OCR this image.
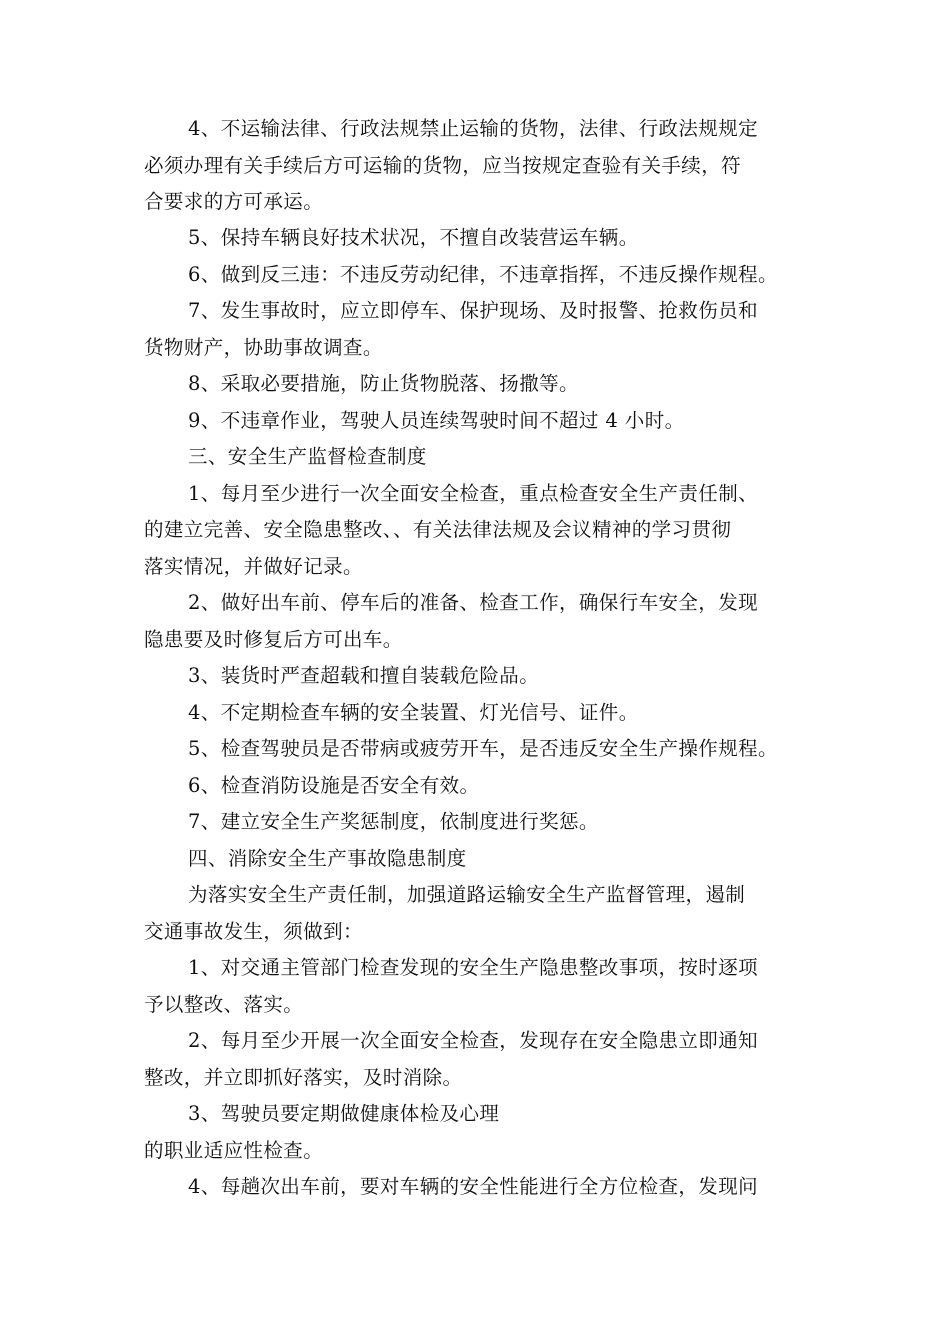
4、不运输法律、行政法规禁止运输的货物，法律、行政法规规定
必须办理有关手续后方可运输的货物，应当按规定查验有关手续，符
合要求的方可承运。
5、保持车辆良好技术状况，不擅自改装营运车辆。
6、做到反三违：不违反劳动纪律，不违章指挥，不违反操作规程。
7、发生事故时，应立即停车、保护现场、及时报警、抢救伤员和
货物财产，协助事故调查。
8、采取必要措施，防止货物脱落、扬撒等。
9、不违章作业，驾驶人员连续驾驶时间不超过 4 小时。
三、安全生产监督检查制度
1、每月至少进行一次全面安全检查，重点检查安全生产责任制、
的建立完善、安全隐患整改、、有关法律法规及会议精神的学习贯彻
落实情况，并做好记录。
2、做好出车前、停车后的准备、检查工作，确保行车安全，发现
隐患要及时修复后方可出车。
3、装货时严查超载和擅自装载危险品。
4、不定期检查车辆的安全装置、灯光信号、证件。
5、检查驾驶员是否带病或疲劳开车，是否违反安全生产操作规程。
6、检查消防设施是否安全有效。
7、建立安全生产奖惩制度，依制度进行奖惩。
四、消除安全生产事故隐患制度
为落实安全生产责任制，加强道路运输安全生产监督管理，遏制
交通事故发生，须做到：
1、对交通主管部门检查发现的安全生产隐患整改事项，按时逐项
予以整改、落实。
2、每月至少开展一次全面安全检查，发现存在安全隐患立即通知
整改，并立即抓好落实，及时消除。
3、驾驶员要定期做健康体检及心理
的职业适应性检查。
4、每趟次出车前，要对车辆的安全性能进行全方位检查，发现问
